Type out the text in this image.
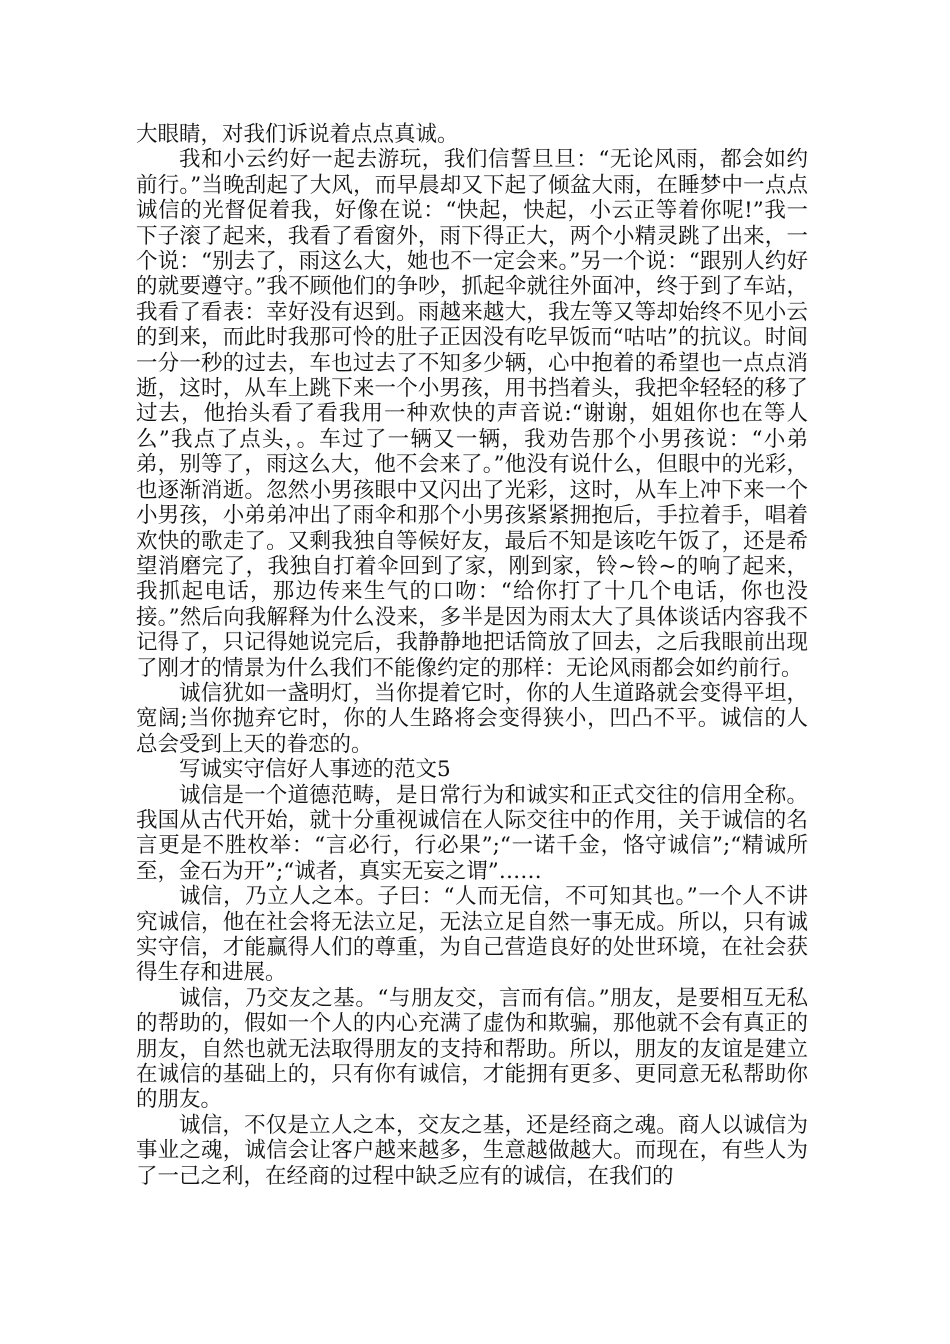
大眼睛，对我们诉说着点点真诚。

我和小云约好一起去游玩，我们信誓旦旦：“无论风雨，都会如约前行。”当晚刮起了大风，而早晨却又下起了倾盆大雨，在睡梦中一点点诚信的光督促着我，好像在说：“快起，快起，小云正等着你呢!”我一下子滚了起来，我看了看窗外，雨下得正大，两个小精灵跳了出来，一个说：“别去了，雨这么大，她也不一定会来。”另一个说：“跟别人约好的就要遵守。”我不顾他们的争吵，抓起伞就往外面冲，终于到了车站，我看了看表：幸好没有迟到。雨越来越大，我左等又等却始终不见小云的到来，而此时我那可怜的肚子正因没有吃早饭而“咕咕”的抗议。时间一分一秒的过去，车也过去了不知多少辆，心中抱着的希望也一点点消逝，这时，从车上跳下来一个小男孩，用书挡着头，我把伞轻轻的移了过去，他抬头看了看我用一种欢快的声音说:“谢谢，姐姐你也在等人么”我点了点头，。车过了一辆又一辆，我劝告那个小男孩说：“小弟弟，别等了，雨这么大，他不会来了。”他没有说什么，但眼中的光彩，也逐渐消逝。忽然小男孩眼中又闪出了光彩，这时，从车上冲下来一个小男孩，小弟弟冲出了雨伞和那个小男孩紧紧拥抱后，手拉着手，唱着欢快的歌走了。又剩我独自等候好友，最后不知是该吃午饭了，还是希望消磨完了，我独自打着伞回到了家，刚到家，铃~铃~的响了起来，我抓起电话，那边传来生气的口吻：“给你打了十几个电话，你也没接。”然后向我解释为什么没来，多半是因为雨太大了具体谈话内容我不记得了，只记得她说完后，我静静地把话筒放了回去，之后我眼前出现了刚才的情景为什么我们不能像约定的那样：无论风雨都会如约前行。

诚信犹如一盏明灯，当你提着它时，你的人生道路就会变得平坦，宽阔;当你抛弃它时，你的人生路将会变得狭小，凹凸不平。诚信的人总会受到上天的眷恋的。

写诚实守信好人事迹的范文5

诚信是一个道德范畴，是日常行为和诚实和正式交往的信用全称。我国从古代开始，就十分重视诚信在人际交往中的作用，关于诚信的名言更是不胜枚举：“言必行，行必果”;“一诺千金，恪守诚信”;“精诚所至，金石为开”;“诚者，真实无妄之谓”……

诚信，乃立人之本。子曰：“人而无信，不可知其也。”一个人不讲究诚信，他在社会将无法立足，无法立足自然一事无成。所以，只有诚实守信，才能赢得人们的尊重，为自己营造良好的处世环境，在社会获得生存和进展。

诚信，乃交友之基。“与朋友交，言而有信。”朋友，是要相互无私的帮助的，假如一个人的内心充满了虚伪和欺骗，那他就不会有真正的朋友，自然也就无法取得朋友的支持和帮助。所以，朋友的友谊是建立在诚信的基础上的，只有你有诚信，才能拥有更多、更同意无私帮助你的朋友。

诚信，不仅是立人之本，交友之基，还是经商之魂。商人以诚信为事业之魂，诚信会让客户越来越多，生意越做越大。而现在，有些人为了一己之利，在经商的过程中缺乏应有的诚信，在我们的
